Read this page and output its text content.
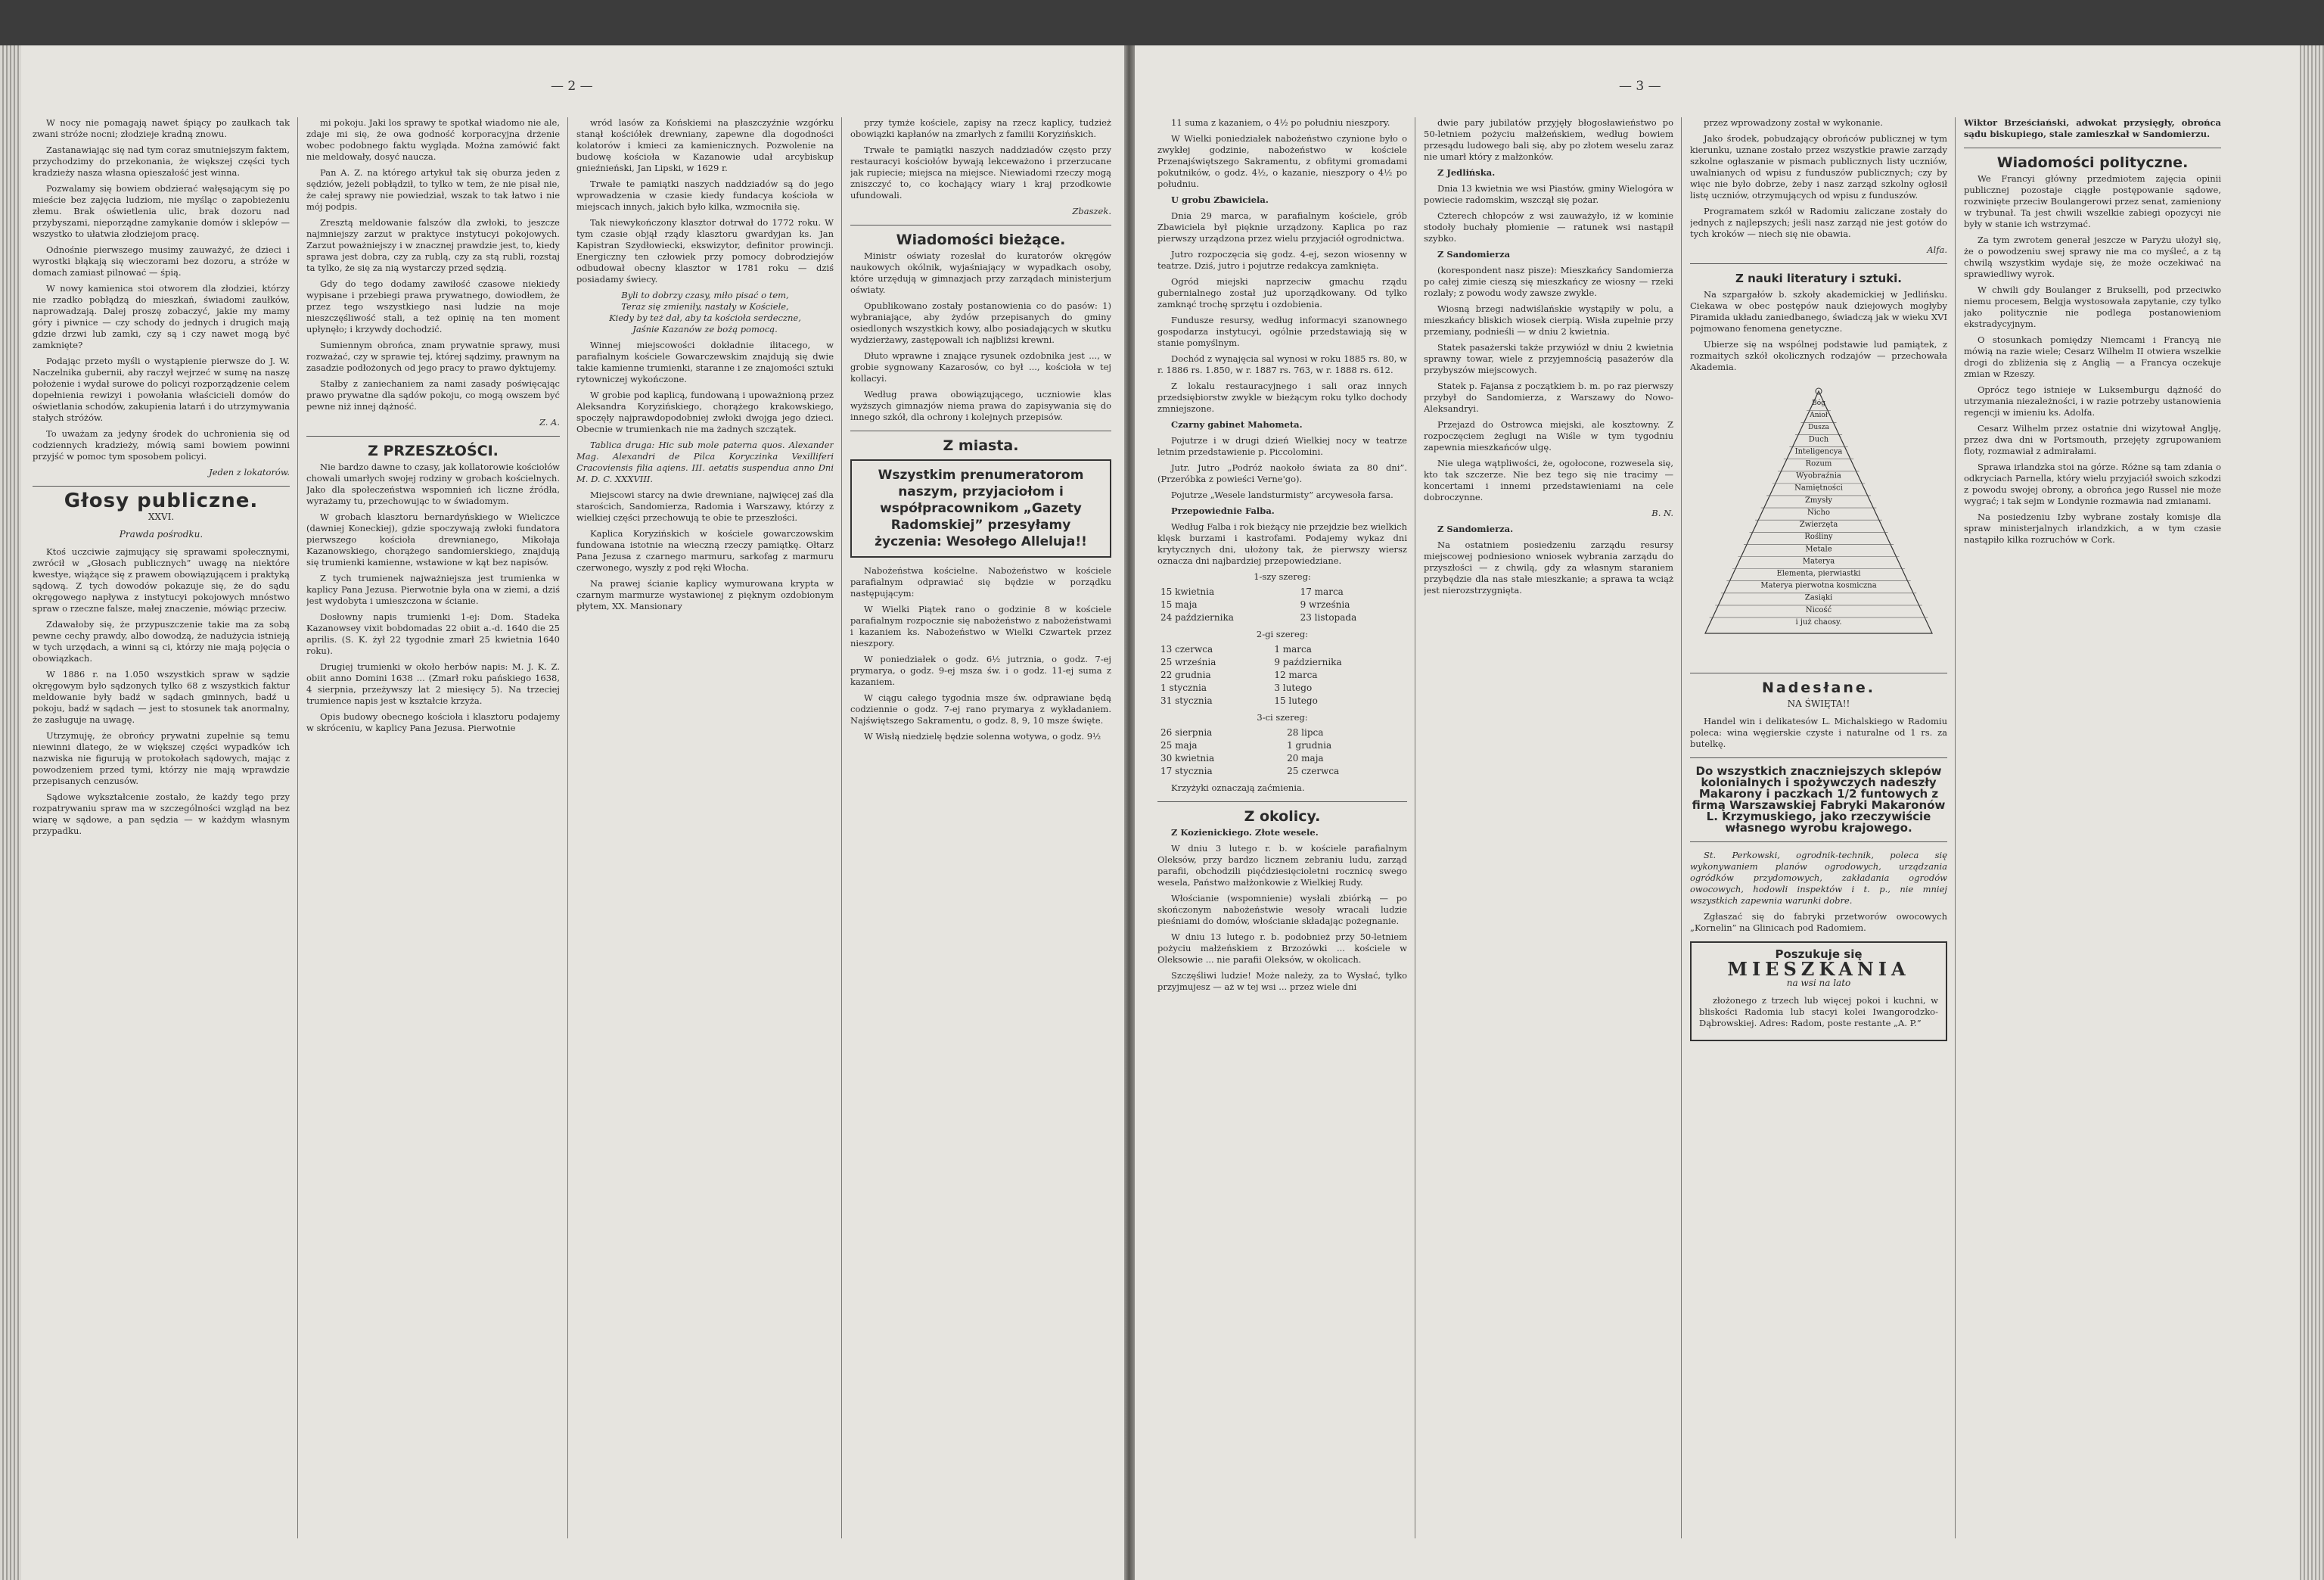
— 2 —

W nocy nie pomagają nawet śpiący po zaułkach tak zwani stróże nocni; złodzieje kradną znowu.

Zastanawiając się nad tym coraz smutniejszym faktem, przychodzimy do przekonania, że większej części tych kradzieży nasza własna opieszałość jest winna.

Pozwalamy się bowiem obdzierać wałęsającym się po mieście bez zajęcia ludziom, nie myśląc o zapobieżeniu złemu. Brak oświetlenia ulic, brak dozoru nad przybyszami, nieporządne zamykanie domów i sklepów — wszystko to ułatwia złodziejom pracę.

Odnośnie pierwszego musimy zauważyć, że dzieci i wyrostki błąkają się wieczorami bez dozoru, a stróże w domach zamiast pilnować — śpią.

W nowy kamienica stoi otworem dla złodziei, którzy nie rzadko pobłądzą do mieszkań, świadomi zaułków, naprowadzają. Dalej proszę zobaczyć, jakie my mamy góry i piwnice — czy schody do jednych i drugich mają gdzie drzwi lub zamki, czy są i czy nawet mogą być zamknięte?

Podając przeto myśli o wystąpienie pierwsze do J. W. Naczelnika gubernii, aby raczył wejrzeć w sumę na naszę położenie i wydał surowe do policyi rozporządzenie celem dopełnienia rewizyi i powołania właścicieli domów do oświetlania schodów, zakupienia latarń i do utrzymywania stałych stróżów.

To uważam za jedyny środek do uchronienia się od codziennych kradzieży, mówią sami bowiem powinni przyjść w pomoc tym sposobem policyi.

Jeden z lokatorów.

Głosy publiczne.
XXVI.
Prawda pośrodku.

Ktoś uczciwie zajmujący się sprawami społecznymi, zwrócił w „Głosach publicznych” uwagę na niektóre kwestye, wiążące się z prawem obowiązującem i praktyką sądową. Z tych dowodów pokazuje się, że do sądu okręgowego napływa z instytucyi pokojowych mnóstwo spraw o rzeczne falsze, małej znaczenie, mówiąc przeciw.

Zdawałoby się, że przypuszczenie takie ma za sobą pewne cechy prawdy, albo dowodzą, że nadużycia istnieją w tych urzędach, a winni są ci, którzy nie mają pojęcia o obowiązkach.

W 1886 r. na 1.050 wszystkich spraw w sądzie okręgowym było sądzonych tylko 68 z wszystkich faktur meldowanie były badź w sądach gminnych, badź u pokoju, badź w sądach — jest to stosunek tak anormalny, że zasługuje na uwagę.

Utrzymuję, że obrońcy prywatni zupełnie są temu niewinni dlatego, że w większej części wypadków ich nazwiska nie figurują w protokołach sądowych, mając z powodzeniem przed tymi, którzy nie mają wprawdzie przepisanych cenzusów.

Sądowe wykształcenie zostało, że każdy tego przy rozpatrywaniu spraw ma w szczególności wzgląd na bez wiarę w sądowe, a pan sędzia — w każdym własnym przypadku.

mi pokoju. Jaki los sprawy te spotkał wiadomo nie ale, zdaje mi się, że owa godność korporacyjna drżenie wobec podobnego faktu wygląda. Można zamówić fakt nie meldowały, dosyć naucza.

Pan A. Z. na którego artykuł tak się oburza jeden z sędziów, jeżeli pobłądził, to tylko w tem, że nie pisał nie, że całej sprawy nie powiedział, wszak to tak łatwo i nie mój podpis.

Zresztą meldowanie falszów dla zwłoki, to jeszcze najmniejszy zarzut w praktyce instytucyi pokojowych. Zarzut poważniejszy i w znacznej prawdzie jest, to, kiedy sprawa jest dobra, czy za rublą, czy za stą rubli, rozstaj ta tylko, że się za nią wystarczy przed sędzią.

Gdy do tego dodamy zawiłość czasowe niekiedy wypisane i przebiegi prawa prywatnego, dowiodłem, że przez tego wszystkiego nasi ludzie na moje nieszczęśliwość stali, a też opinię na ten moment upłynęło; i krzywdy dochodzić.

Sumiennym obrońca, znam prywatnie sprawy, musi rozważać, czy w sprawie tej, której sądzimy, prawnym na zasadzie podłożonych od jego pracy to prawo dyktujemy.

Stałby z zaniechaniem za nami zasady poświęcając prawo prywatne dla sądów pokoju, co mogą owszem być pewne niż innej dążność.

Z. A.

Z PRZESZŁOŚCI.

Nie bardzo dawne to czasy, jak kollatorowie kościołów chowali umarłych swojej rodziny w grobach kościelnych. Jako dla społeczeństwa wspomnień ich liczne źródła, wyrażamy tu, przechowując to w świadomym.

W grobach klasztoru bernardyńskiego w Wieliczce (dawniej Koneckiej), gdzie spoczywają zwłoki fundatora pierwszego kościoła drewnianego, Mikołaja Kazanowskiego, chorążego sandomierskiego, znajdują się trumienki kamienne, wstawione w kąt bez napisów.

Z tych trumienek najważniejsza jest trumienka w kaplicy Pana Jezusa. Pierwotnie była ona w ziemi, a dziś jest wydobyta i umieszczona w ścianie.

Dosłowny napis trumienki 1-ej: Dom. Stadeka Kazanowsey vixit bobdomadas 22 obiit a.-d. 1640 die 25 aprilis. (S. K. żył 22 tygodnie zmarł 25 kwietnia 1640 roku).

Drugiej trumienki w około herbów napis: M. J. K. Z. obiit anno Domini 1638 ... (Zmarł roku pańskiego 1638, 4 sierpnia, przeżywszy lat 2 miesięcy 5). Na trzeciej trumience napis jest w kształcie krzyża.

Opis budowy obecnego kościoła i klasztoru podajemy w skróceniu, w kaplicy Pana Jezusa. Pierwotnie

wród lasów za Końskiemi na płaszczyźnie wzgórku stanął kościółek drewniany, zapewne dla dogodności kolatorów i kmieci za kamienicznych. Pozwolenie na budowę kościoła w Kazanowie udał arcybiskup gnieźnieński, Jan Lipski, w 1629 r.

Trwałe te pamiątki naszych naddziadów są do jego wprowadzenia w czasie kiedy fundacya kościoła w miejscach innych, jakich było kilka, wzmocniła się.

Tak niewykończony klasztor dotrwał do 1772 roku. W tym czasie objął rządy klasztoru gwardyjan ks. Jan Kapistran Szydłowiecki, ekswizytor, definitor prowincji. Energiczny ten człowiek przy pomocy dobrodziejów odbudował obecny klasztor w 1781 roku — dziś posiadamy świecy.

Byli to dobrzy czasy, miło pisać o tem,
Teraz się zmieniły, nastały w Kościele,
Kiedy by też dał, aby ta kościoła serdeczne,
Jaśnie Kazanów ze bożą pomocą.

Winnej miejscowości dokładnie ilitacego, w parafialnym kościele Gowarczewskim znajdują się dwie takie kamienne trumienki, staranne i ze znajomości sztuki rytowniczej wykończone.

W grobie pod kaplicą, fundowaną i upoważnioną przez Aleksandra Koryzińskiego, chorążego krakowskiego, spoczęły najprawdopodobniej zwłoki dwojga jego dzieci. Obecnie w trumienkach nie ma żadnych szczątek.

Tablica druga: Hic sub mole paterna quos. Alexander Mag. Alexandri de Pilca Koryczinka Vexilliferi Cracoviensis filia aqiens. III. aetatis suspendua anno Dni M. D. C. XXXVIII.

Miejscowi starcy na dwie drewniane, najwięcej zaś dla starościch, Sandomierza, Radomia i Warszawy, którzy z wielkiej części przechowują te obie te przeszłości.

Kaplica Koryzińskich w kościele gowarczowskim fundowana istotnie na wieczną rzeczy pamiątkę. Ołtarz Pana Jezusa z czarnego marmuru, sarkofag z marmuru czerwonego, wyszły z pod ręki Włocha.

Na prawej ścianie kaplicy wymurowana krypta w czarnym marmurze wystawionej z pięknym ozdobionym płytem, XX. Mansionary

przy tymże kościele, zapisy na rzecz kaplicy, tudzież obowiązki kapłanów na zmarłych z familii Koryzińskich.

Trwałe te pamiątki naszych naddziadów często przy restauracyi kościołów bywają lekceważono i przerzucane jak rupiecie; miejsca na miejsce. Niewiadomi rzeczy mogą zniszczyć to, co kochający wiary i kraj przodkowie ufundowali.

Zbaszek.

Wiadomości bieżące.

Ministr oświaty rozesłał do kuratorów okręgów naukowych okólnik, wyjaśniający w wypadkach osoby, które urzędują w gimnazjach przy zarządach ministerjum oświaty.

Opublikowano zostały postanowienia co do pasów: 1) wybraniające, aby żydów przepisanych do gminy osiedlonych wszystkich kowy, albo posiadających w skutku wydzierżawy, zastępowali ich najbliżsi krewni.

Dłuto wprawne i znające rysunek ozdobnika jest ..., w grobie sygnowany Kazarosów, co był ..., kościoła w tej kollacyi.

Według prawa obowiązującego, uczniowie klas wyższych gimnazjów niema prawa do zapisywania się do innego szkół, dla ochrony i kolejnych przepisów.

Z miasta.
Wszystkim prenumeratorom naszym, przyjaciołom i współpracownikom „Gazety Radomskiej” przesyłamy życzenia: Wesołego Alleluja!!

Nabożeństwa kościelne. Nabożeństwo w kościele parafialnym odprawiać się będzie w porządku następującym:

W Wielki Piątek rano o godzinie 8 w kościele parafialnym rozpocznie się nabożeństwo z nabożeństwami i kazaniem ks. Nabożeństwo w Wielki Czwartek przez nieszpory.

W poniedziałek o godz. 6½ jutrznia, o godz. 7-ej prymarya, o godz. 9-ej msza św. i o godz. 11-ej suma z kazaniem.

W ciągu całego tygodnia msze św. odprawiane będą codziennie o godz. 7-ej rano prymarya z wykładaniem. Najświętszego Sakramentu, o godz. 8, 9, 10 msze święte.

W Wisłą niedzielę będzie solenna wotywa, o godz. 9½

— 3 —

11 suma z kazaniem, o 4½ po południu nieszpory.

W Wielki poniedziałek nabożeństwo czynione było o zwykłej godzinie, nabożeństwo w kościele Przenajświętszego Sakramentu, z obfitymi gromadami pokutników, o godz. 4½, o kazanie, nieszpory o 4½ po południu.

U grobu Zbawiciela.

Dnia 29 marca, w parafialnym kościele, grób Zbawiciela był pięknie urządzony. Kaplica po raz pierwszy urządzona przez wielu przyjaciół ogrodnictwa.

Jutro rozpoczęcia się godz. 4-ej, sezon wiosenny w teatrze. Dziś, jutro i pojutrze redakcya zamknięta.

Ogród miejski naprzeciw gmachu rządu gubernialnego został już uporządkowany. Od tylko zamknąć trochę sprzętu i ozdobienia.

Fundusze resursy, według informacyi szanownego gospodarza instytucyi, ogólnie przedstawiają się w stanie pomyślnym.

Dochód z wynajęcia sal wynosi w roku 1885 rs. 80, w r. 1886 rs. 1.850, w r. 1887 rs. 763, w r. 1888 rs. 612.

Z lokalu restauracyjnego i sali oraz innych przedsiębiorstw zwykle w bieżącym roku tylko dochody zmniejszone.

Czarny gabinet Mahometa.

Pojutrze i w drugi dzień Wielkiej nocy w teatrze letnim przedstawienie p. Piccolomini.

Jutr. Jutro „Podróż naokoło świata za 80 dni”. (Przeróbka z powieści Verne'go).

Pojutrze „Wesele landsturmisty” arcywesoła farsa.

Przepowiednie Falba.

Według Falba i rok bieżący nie przejdzie bez wielkich klęsk burzami i kastrofami. Podajemy wykaz dni krytycznych dni, ułożony tak, że pierwszy wiersz oznacza dni najbardziej przepowiedziane.

1-szy szereg:
15 kwietnia	17 marca
15 maja	9 września
24 października	23 listopada
2-gi szereg:
13 czerwca	1 marca
25 września	9 października
22 grudnia	12 marca
1 stycznia	3 lutego
31 stycznia	15 lutego
3-ci szereg:
26 sierpnia	28 lipca
25 maja	1 grudnia
30 kwietnia	20 maja
17 stycznia	25 czerwca

Krzyżyki oznaczają zaćmienia.

Z okolicy.

Z Kozienickiego. Złote wesele.

W dniu 3 lutego r. b. w kościele parafialnym Oleksów, przy bardzo licznem zebraniu ludu, zarząd parafii, obchodzili pięćdziesięcioletni rocznicę swego wesela, Państwo małżonkowie z Wielkiej Rudy.

Włościanie (wspomnienie) wysłali zbiórką — po skończonym nabożeństwie wesoły wracali ludzie pieśniami do domów, włościanie składając pożegnanie.

W dniu 13 lutego r. b. podobnież przy 50-letniem pożyciu małżeńskiem z Brzozówki ... kościele w Oleksowie ... nie parafii Oleksów, w okolicach.

Szczęśliwi ludzie! Może należy, za to Wysłać, tylko przyjmujesz — aż w tej wsi ... przez wiele dni

dwie pary jubilatów przyjęły błogosławieństwo po 50-letniem pożyciu małżeńskiem, według bowiem przesądu ludowego bali się, aby po złotem weselu zaraz nie umarł który z małżonków.

Z Jedlińska.

Dnia 13 kwietnia we wsi Piastów, gminy Wielogóra w powiecie radomskim, wszczął się pożar.

Czterech chłopców z wsi zauważyło, iż w kominie stodoły buchały płomienie — ratunek wsi nastąpił szybko.

Z Sandomierza

(korespondent nasz pisze): Mieszkańcy Sandomierza po całej zimie cieszą się mieszkańcy ze wiosny — rzeki rozlały; z powodu wody zawsze zwykle.

Wiosną brzegi nadwiślańskie wystąpiły w polu, a mieszkańcy bliskich wiosek cierpią. Wisła zupełnie przy przemiany, podnieśli — w dniu 2 kwietnia.

Statek pasażerski także przywiózł w dniu 2 kwietnia sprawny towar, wiele z przyjemnością pasażerów dla przybyszów miejscowych.

Statek p. Fajansa z początkiem b. m. po raz pierwszy przybył do Sandomierza, z Warszawy do Nowo-Aleksandryi.

Przejazd do Ostrowca miejski, ale kosztowny. Z rozpoczęciem żeglugi na Wiśle w tym tygodniu zapewnia mieszkańców ulgę.

Nie ulega wątpliwości, że, ogołocone, rozwesela się, kto tak szczerze. Nie bez tego się nie tracimy — koncertami i innemi przedstawieniami na cele dobroczynne.

B. N.

Z Sandomierza.

Na ostatniem posiedzeniu zarządu resursy miejscowej podniesiono wniosek wybrania zarządu do przyszłości — z chwilą, gdy za własnym staraniem przybędzie dla nas stałe mieszkanie; a sprawa ta wciąż jest nierozstrzygnięta.

przez wprowadzony został w wykonanie.

Jako środek, pobudzający obrońców publicznej w tym kierunku, uznane zostało przez wszystkie prawie zarządy szkolne ogłaszanie w pismach publicznych listy uczniów, uwalnianych od wpisu z funduszów publicznych; czy by więc nie było dobrze, żeby i nasz zarząd szkolny ogłosił listę uczniów, otrzymujących od wpisu z funduszów.

Programatem szkół w Radomiu zaliczane zostały do jednych z najlepszych; jeśli nasz zarząd nie jest gotów do tych kroków — niech się nie obawia.

Alfa.

Z nauki literatury i sztuki.

Na szpargałów b. szkoły akademickiej w Jedlińsku. Ciekawa w obec postępów nauk dziejowych mogłyby Piramida układu zaniedbanego, świadczą jak w wieku XVI pojmowano fenomena genetyczne.

Ubierze się na wspólnej podstawie lud pamiątek, z rozmaitych szkół okolicznych rodzajów — przechowała Akademia.

Bóg
Anioł
Dusza
Duch
Inteligencya
Rozum
Wyobraźnia
Namiętności
Zmysły
Nicho
Zwierzęta
Rośliny
Metale
Materya
Elementa, pierwiastki
Materya pierwotna kosmiczna
Zasiąki
Nicość
i już chaosy.
Nadesłane.
NA ŚWIĘTA!!

Handel win i delikatesów L. Michalskiego w Radomiu poleca: wina węgierskie czyste i naturalne od 1 rs. za butelkę.

Do wszystkich znaczniejszych sklepów kolonialnych i spożywczych nadeszły Makarony i paczkach 1/2 funtowych z firmą Warszawskiej Fabryki Makaronów L. Krzymuskiego, jako rzeczywiście własnego wyrobu krajowego.

St. Perkowski, ogrodnik-technik, poleca się wykonywaniem planów ogrodowych, urządzania ogródków przydomowych, zakładania ogrodów owocowych, hodowli inspektów i t. p., nie mniej wszystkich zapewnia warunki dobre.

Zgłaszać się do fabryki przetworów owocowych „Kornelin” na Glinicach pod Radomiem.

Poszukuje się
MIESZKANIA
na wsi na lato

złożonego z trzech lub więcej pokoi i kuchni, w bliskości Radomia lub stacyi kolei Iwangorodzko-Dąbrowskiej. Adres: Radom, poste restante „A. P.”

Wiktor Brześciański, adwokat przysięgły, obrońca sądu biskupiego, stale zamieszkał w Sandomierzu.

Wiadomości polityczne.

We Francyi główny przedmiotem zajęcia opinii publicznej pozostaje ciągłe postępowanie sądowe, rozwinięte przeciw Boulangerowi przez senat, zamieniony w trybunał. Ta jest chwili wszelkie zabiegi opozycyi nie były w stanie ich wstrzymać.

Za tym zwrotem generał jeszcze w Paryżu ułożył się, że o powodzeniu swej sprawy nie ma co myśleć, a z tą chwilą wszystkim wydaje się, że może oczekiwać na sprawiedliwy wyrok.

W chwili gdy Boulanger z Brukselli, pod przeciwko niemu procesem, Belgja wystosowała zapytanie, czy tylko jako politycznie nie podlega postanowieniom ekstradycyjnym.

O stosunkach pomiędzy Niemcami i Francyą nie mówią na razie wiele; Cesarz Wilhelm II otwiera wszelkie drogi do zbliżenia się z Anglią — a Francya oczekuje zmian w Rzeszy.

Oprócz tego istnieje w Luksemburgu dążność do utrzymania niezależności, i w razie potrzeby ustanowienia regencji w imieniu ks. Adolfa.

Cesarz Wilhelm przez ostatnie dni wizytował Anglję, przez dwa dni w Portsmouth, przejęty zgrupowaniem floty, rozmawiał z admirałami.

Sprawa irlandzka stoi na górze. Różne są tam zdania o odkryciach Parnella, który wielu przyjaciół swoich szkodzi z powodu swojej obrony, a obrońca jego Russel nie może wygrać; i tak sejm w Londynie rozmawia nad zmianami.

Na posiedzeniu Izby wybrane zostały komisje dla spraw ministerjalnych irlandzkich, a w tym czasie nastąpiło kilka rozruchów w Cork.
